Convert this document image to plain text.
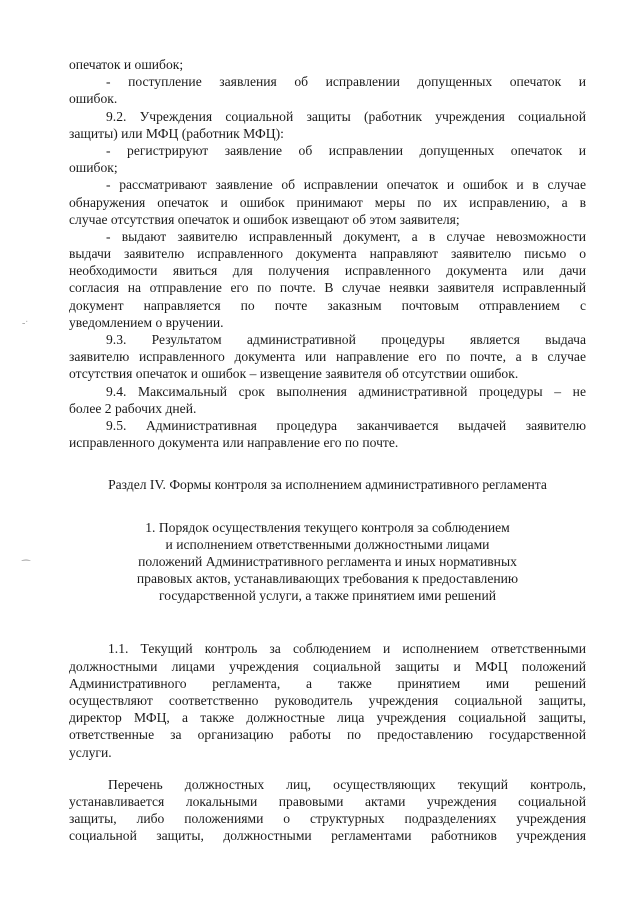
опечаток и ошибок;
- поступление заявления об исправлении допущенных опечаток и
ошибок.
9.2. Учреждения социальной защиты (работник учреждения социальной
защиты) или МФЦ (работник МФЦ):
- регистрируют заявление об исправлении допущенных опечаток и
ошибок;
- рассматривают заявление об исправлении опечаток и ошибок и в случае
обнаружения опечаток и ошибок принимают меры по их исправлению, а в
случае отсутствия опечаток и ошибок извещают об этом заявителя;
- выдают заявителю исправленный документ, а в случае невозможности
выдачи заявителю исправленного документа направляют заявителю письмо о
необходимости явиться для получения исправленного документа или дачи
согласия на отправление его по почте. В случае неявки заявителя исправленный
документ направляется по почте заказным почтовым отправлением с
уведомлением о вручении.
9.3. Результатом административной процедуры является выдача
заявителю исправленного документа или направление его по почте, а в случае
отсутствия опечаток и ошибок – извещение заявителя об отсутствии ошибок.
9.4. Максимальный срок выполнения административной процедуры – не
более 2 рабочих дней.
9.5. Административная процедура заканчивается выдачей заявителю
исправленного документа или направление его по почте.
Раздел IV. Формы контроля за исполнением административного регламента
1. Порядок осуществления текущего контроля за соблюдением
и исполнением ответственными должностными лицами
положений Административного регламента и иных нормативных
правовых актов, устанавливающих требования к предоставлению
государственной услуги, а также принятием ими решений
1.1. Текущий контроль за соблюдением и исполнением ответственными
должностными лицами учреждения социальной защиты и МФЦ положений
Административного регламента, а также принятием ими решений
осуществляют соответственно руководитель учреждения социальной защиты,
директор МФЦ, а также должностные лица учреждения социальной защиты,
ответственные за организацию работы по предоставлению государственной
услуги.
Перечень должностных лиц, осуществляющих текущий контроль,
устанавливается локальными правовыми актами учреждения социальной
защиты, либо положениями о структурных подразделениях учреждения
социальной защиты, должностными регламентами работников учреждения
‐ˑ
⁀
